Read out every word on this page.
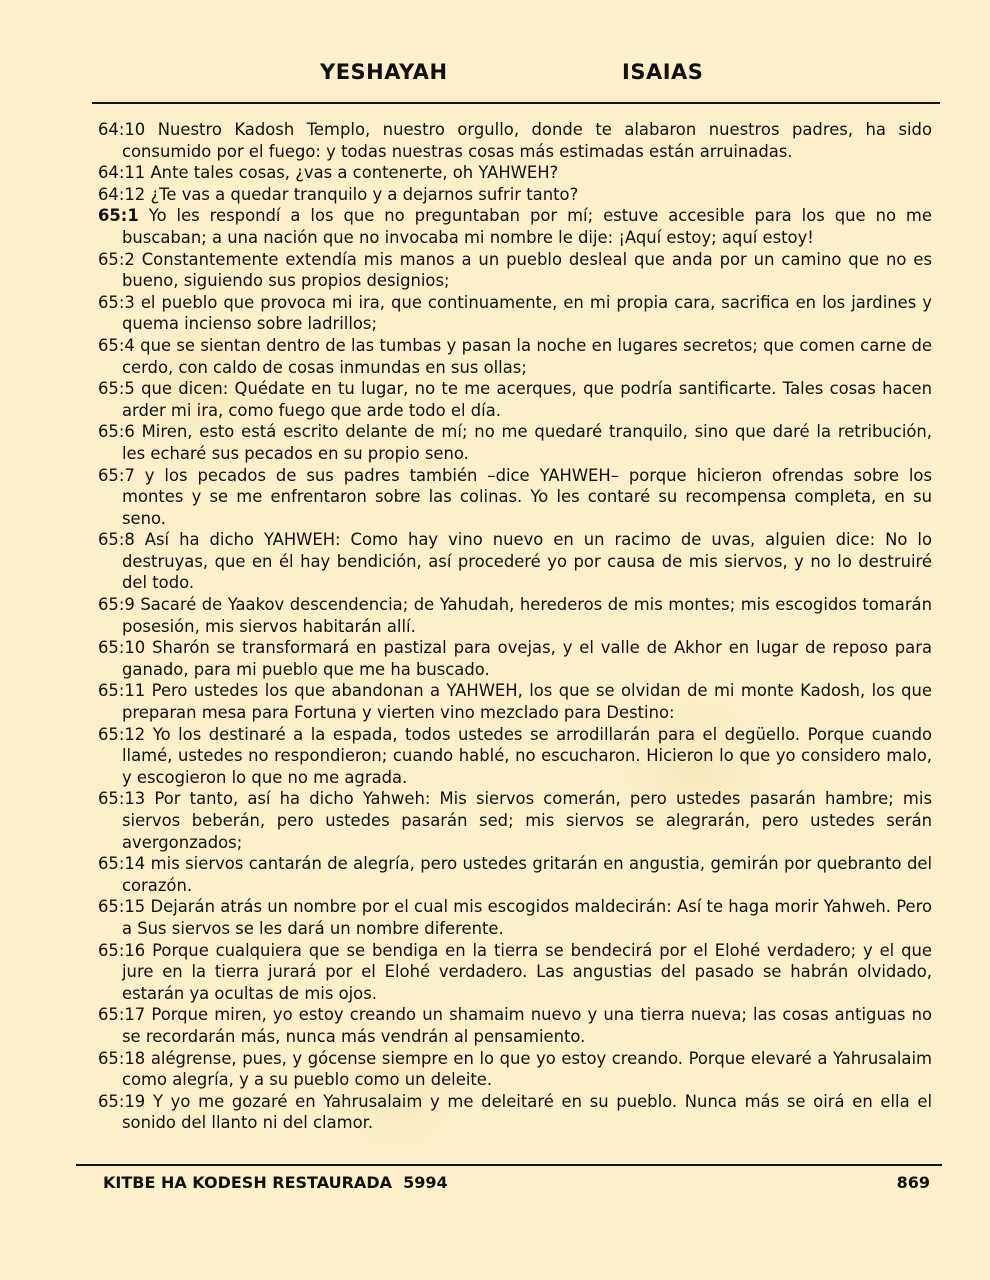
YESHAYAH	ISAIAS

64:10 Nuestro Kadosh Templo, nuestro orgullo, donde te alabaron nuestros padres, ha sido consumido por el fuego: y todas nuestras cosas más estimadas están arruinadas.

64:11 Ante tales cosas, ¿vas a contenerte, oh YAHWEH?

64:12 ¿Te vas a quedar tranquilo y a dejarnos sufrir tanto?

65:1 Yo les respondí a los que no preguntaban por mí; estuve accesible para los que no me buscaban; a una nación que no invocaba mi nombre le dije: ¡Aquí estoy; aquí estoy!

65:2 Constantemente extendía mis manos a un pueblo desleal que anda por un camino que no es bueno, siguiendo sus propios designios;

65:3 el pueblo que provoca mi ira, que continuamente, en mi propia cara, sacrifica en los jardines y quema incienso sobre ladrillos;

65:4 que se sientan dentro de las tumbas y pasan la noche en lugares secretos; que comen carne de cerdo, con caldo de cosas inmundas en sus ollas;

65:5 que dicen: Quédate en tu lugar, no te me acerques, que podría santificarte. Tales cosas hacen arder mi ira, como fuego que arde todo el día.

65:6 Miren, esto está escrito delante de mí; no me quedaré tranquilo, sino que daré la retribución, les echaré sus pecados en su propio seno.

65:7 y los pecados de sus padres también –dice YAHWEH– porque hicieron ofrendas sobre los montes y se me enfrentaron sobre las colinas. Yo les contaré su recompensa completa, en su seno.

65:8 Así ha dicho YAHWEH: Como hay vino nuevo en un racimo de uvas, alguien dice: No lo destruyas, que en él hay bendición, así procederé yo por causa de mis siervos, y no lo destruiré del todo.

65:9 Sacaré de Yaakov descendencia; de Yahudah, herederos de mis montes; mis escogidos tomarán posesión, mis siervos habitarán allí.

65:10 Sharón se transformará en pastizal para ovejas, y el valle de Akhor en lugar de reposo para ganado, para mi pueblo que me ha buscado.

65:11 Pero ustedes los que abandonan a YAHWEH, los que se olvidan de mi monte Kadosh, los que preparan mesa para Fortuna y vierten vino mezclado para Destino:

65:12 Yo los destinaré a la espada, todos ustedes se arrodillarán para el degüello. Porque cuando llamé, ustedes no respondieron; cuando hablé, no escucharon. Hicieron lo que yo considero malo, y escogieron lo que no me agrada.

65:13 Por tanto, así ha dicho Yahweh: Mis siervos comerán, pero ustedes pasarán hambre; mis siervos beberán, pero ustedes pasarán sed; mis siervos se alegrarán, pero ustedes serán avergonzados;

65:14 mis siervos cantarán de alegría, pero ustedes gritarán en angustia, gemirán por quebranto del corazón.

65:15 Dejarán atrás un nombre por el cual mis escogidos maldecirán: Así te haga morir Yahweh. Pero a Sus siervos se les dará un nombre diferente.

65:16 Porque cualquiera que se bendiga en la tierra se bendecirá por el Elohé verdadero; y el que jure en la tierra jurará por el Elohé verdadero. Las angustias del pasado se habrán olvidado, estarán ya ocultas de mis ojos.

65:17 Porque miren, yo estoy creando un shamaim nuevo y una tierra nueva; las cosas antiguas no se recordarán más, nunca más vendrán al pensamiento.

65:18 alégrense, pues, y gócense siempre en lo que yo estoy creando. Porque elevaré a Yahrusalaim como alegría, y a su pueblo como un deleite.

65:19 Y yo me gozaré en Yahrusalaim y me deleitaré en su pueblo. Nunca más se oirá en ella el sonido del llanto ni del clamor.

KITBE HA KODESH RESTAURADA  5994	869
